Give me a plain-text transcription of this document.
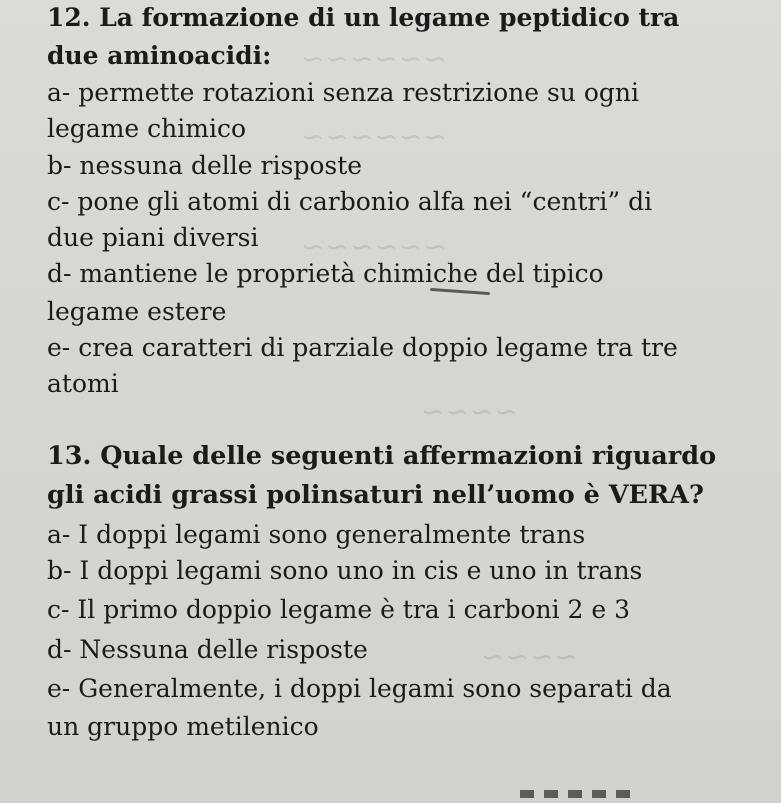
~~~~~~
~~~~~~
~~~~~~
~~~~
~~~~
12. La formazione di un legame peptidico tra
due aminoacidi:
a- permette rotazioni senza restrizione su ogni
legame chimico
b- nessuna delle risposte
c- pone gli atomi di carbonio alfa nei “centri” di
due piani diversi
d- mantiene le proprietà chimiche del tipico
legame estere
e- crea caratteri di parziale doppio legame tra tre
atomi
13. Quale delle seguenti affermazioni riguardo
gli acidi grassi polinsaturi nell’uomo è VERA?
a- I doppi legami sono generalmente trans
b- I doppi legami sono uno in cis e uno in trans
c- Il primo doppio legame è tra i carboni 2 e 3
d- Nessuna delle risposte
e- Generalmente, i doppi legami sono separati da
un gruppo metilenico
